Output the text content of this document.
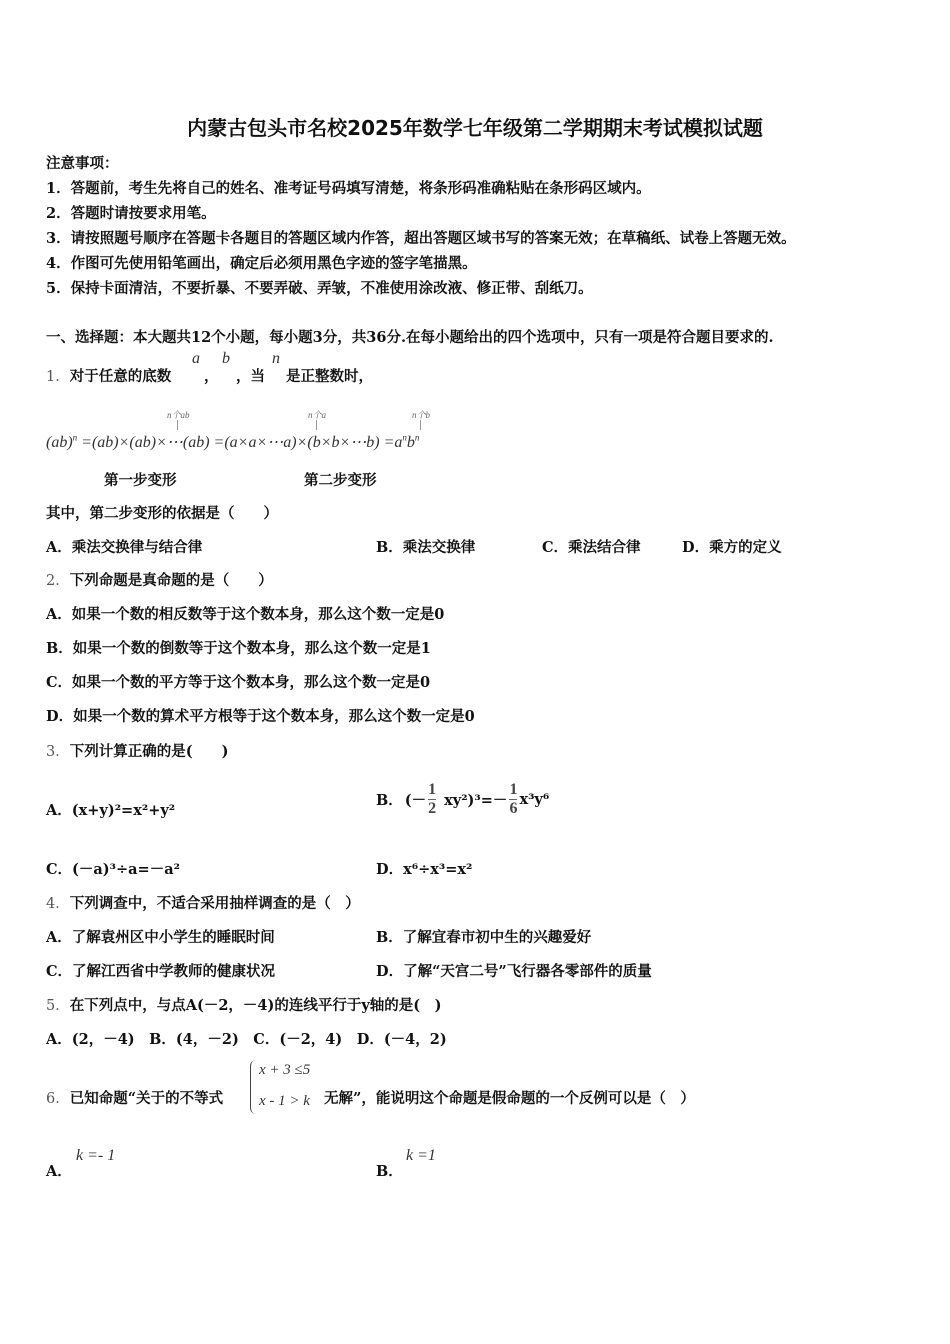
内蒙古包头市名校2025年数学七年级第二学期期末考试模拟试题
注意事项：
1．答题前，考生先将自己的姓名、准考证号码填写清楚，将条形码准确粘贴在条形码区域内。
2．答题时请按要求用笔。
3．请按照题号顺序在答题卡各题目的答题区域内作答，超出答题区域书写的答案无效；在草稿纸、试卷上答题无效。
4．作图可先使用铅笔画出，确定后必须用黑色字迹的签字笔描黑。
5．保持卡面清洁，不要折暴、不要弄破、弄皱，不准使用涂改液、修正带、刮纸刀。
一、选择题：本大题共12个小题，每小题3分，共36分.在每小题给出的四个选项中，只有一项是符合题目要求的.
1．对于任意的底数
a
，
b
，当
n
是正整数时，
n个ab	n个a	n个b
(ab)$^n$ =(ab)×(ab)×⋯(ab) =(a×a×⋯a)×(b×b×⋯b) $=a^nb^n$
第一步变形	第二步变形
其中，第二步变形的依据是（　　）
A．乘法交换律与结合律	B．乘法交换律	C．乘法结合律	D．乘方的定义
2．下列命题是真命题的是（　　）
A．如果一个数的相反数等于这个数本身，那么这个数一定是0
B．如果一个数的倒数等于这个数本身，那么这个数一定是1
C．如果一个数的平方等于这个数本身，那么这个数一定是0
D．如果一个数的算术平方根等于这个数本身，那么这个数一定是0
3．下列计算正确的是(　　)
A．(x+y)²=x²+y²
B． (－ $\frac{1}{2} xy^2)^3=- \frac{1}{6} x^3y^6$
C．(－a)³÷a=－a²	D．x⁶÷x³=x²
4．下列调查中，不适合采用抽样调查的是（　）
A．了解袁州区中小学生的睡眠时间	B．了解宜春市初中生的兴趣爱好
C．了解江西省中学教师的健康状况	D．了解“天宫二号”飞行器各零部件的质量
5．在下列点中，与点A(－2，－4)的连线平行于y轴的是(　)
A．(2，－4)　B．(4，－2)　C．(－2，4)　D．(－4，2)
6．已知命题“关于的不等式
x + 3 ≤5
x - 1 > k 无解”，能说明这个命题是假命题的一个反例可以是（　）
A．
k =- 1
B．
k =1
